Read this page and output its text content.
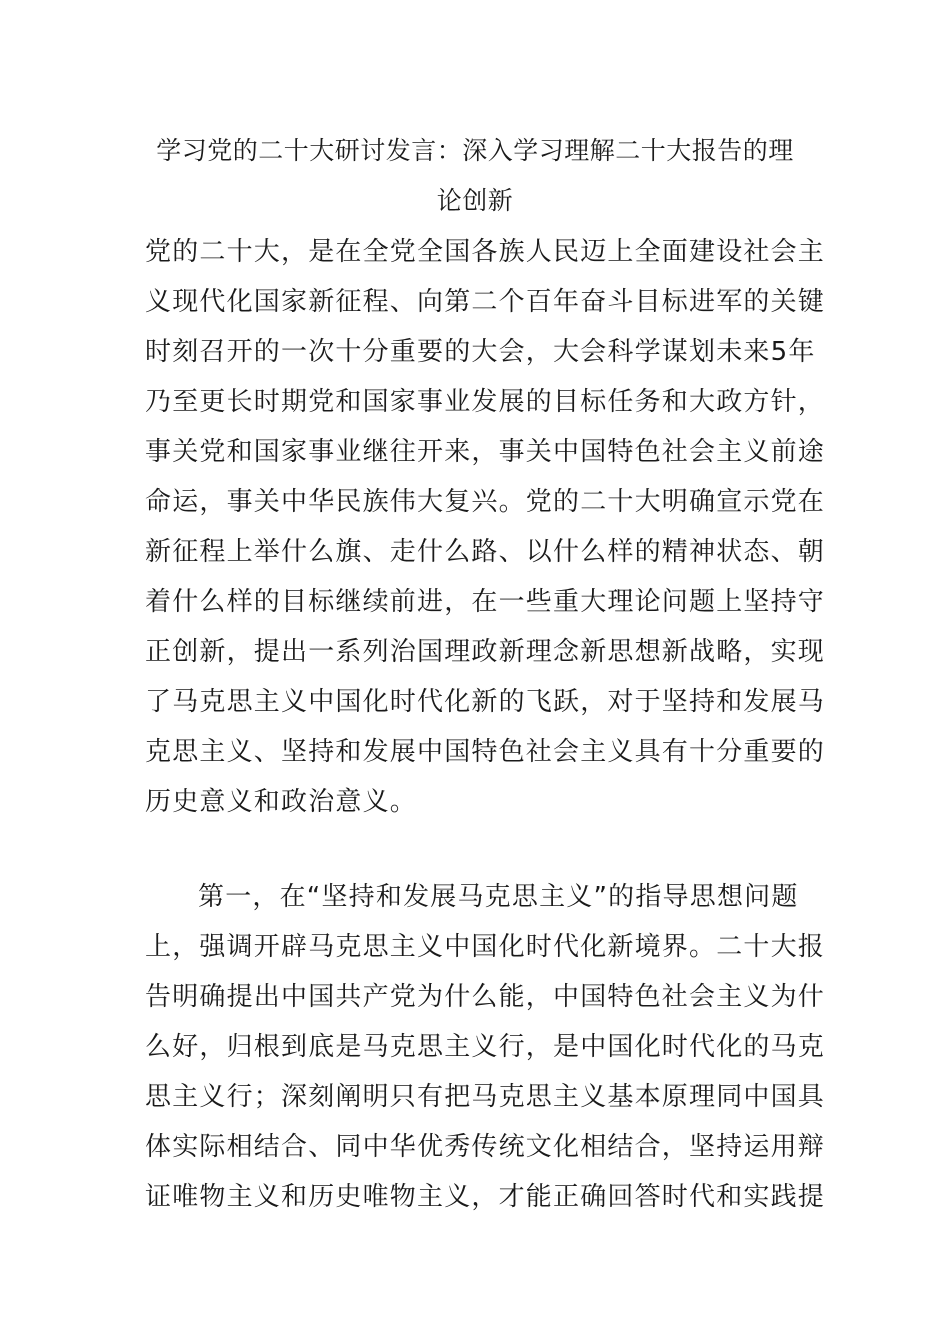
学习党的二十大研讨发言：深入学习理解二十大报告的理
论创新
党的二十大，是在全党全国各族人民迈上全面建设社会主
义现代化国家新征程、向第二个百年奋斗目标进军的关键
时刻召开的一次十分重要的大会，大会科学谋划未来5年
乃至更长时期党和国家事业发展的目标任务和大政方针，
事关党和国家事业继往开来，事关中国特色社会主义前途
命运，事关中华民族伟大复兴。党的二十大明确宣示党在
新征程上举什么旗、走什么路、以什么样的精神状态、朝
着什么样的目标继续前进，在一些重大理论问题上坚持守
正创新，提出一系列治国理政新理念新思想新战略，实现
了马克思主义中国化时代化新的飞跃，对于坚持和发展马
克思主义、坚持和发展中国特色社会主义具有十分重要的
历史意义和政治意义。
第一，在“坚持和发展马克思主义”的指导思想问题
上，强调开辟马克思主义中国化时代化新境界。二十大报
告明确提出中国共产党为什么能，中国特色社会主义为什
么好，归根到底是马克思主义行，是中国化时代化的马克
思主义行；深刻阐明只有把马克思主义基本原理同中国具
体实际相结合、同中华优秀传统文化相结合，坚持运用辩
证唯物主义和历史唯物主义，才能正确回答时代和实践提
